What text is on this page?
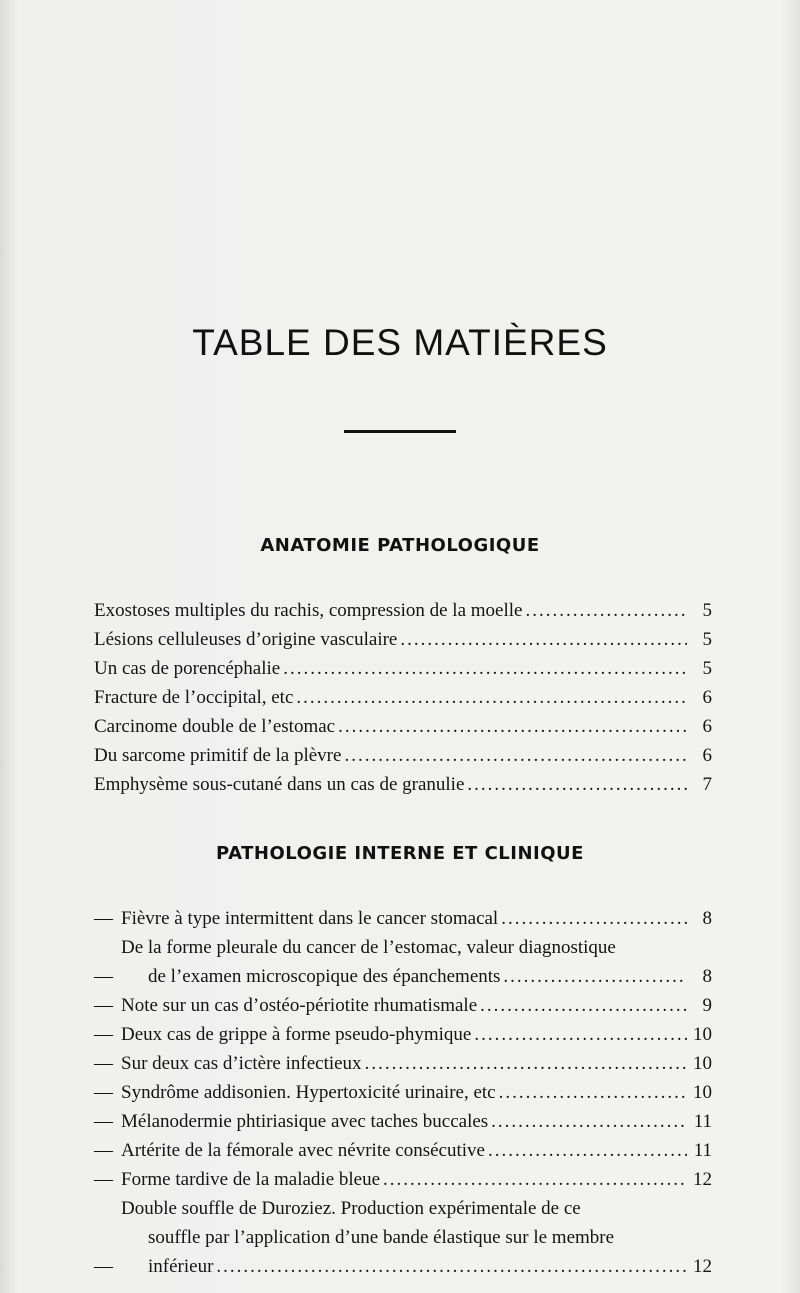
TABLE DES MATIÈRES
ANATOMIE PATHOLOGIQUE
Exostoses multiples du rachis, compression de la moelle .....	5
Lésions celluleuses d’origine vasculaire .....	5
Un cas de porencéphalie .....	5
Fracture de l’occipital, etc .....	6
Carcinome double de l’estomac .....	6
Du sarcome primitif de la plèvre .....	6
Emphysème sous-cutané dans un cas de granulie .....	7
PATHOLOGIE INTERNE ET CLINIQUE
— Fièvre à type intermittent dans le cancer stomacal .....	8
—
De la forme pleurale du cancer de l’estomac, valeur diagnostique
de l’examen microscopique des épanchements .....	8
— Note sur un cas d’ostéo-périotite rhumatismale .....	9
— Deux cas de grippe à forme pseudo-phymique .....	10
— Sur deux cas d’ictère infectieux .....	10
— Syndrôme addisonien. Hypertoxicité urinaire, etc .....	10
— Mélanodermie phtiriasique avec taches buccales .....	11
— Artérite de la fémorale avec névrite consécutive .....	11
— Forme tardive de la maladie bleue .....	12
—
Double souffle de Duroziez. Production expérimentale de ce
souffle par l’application d’une bande élastique sur le membre
inférieur .....	12
